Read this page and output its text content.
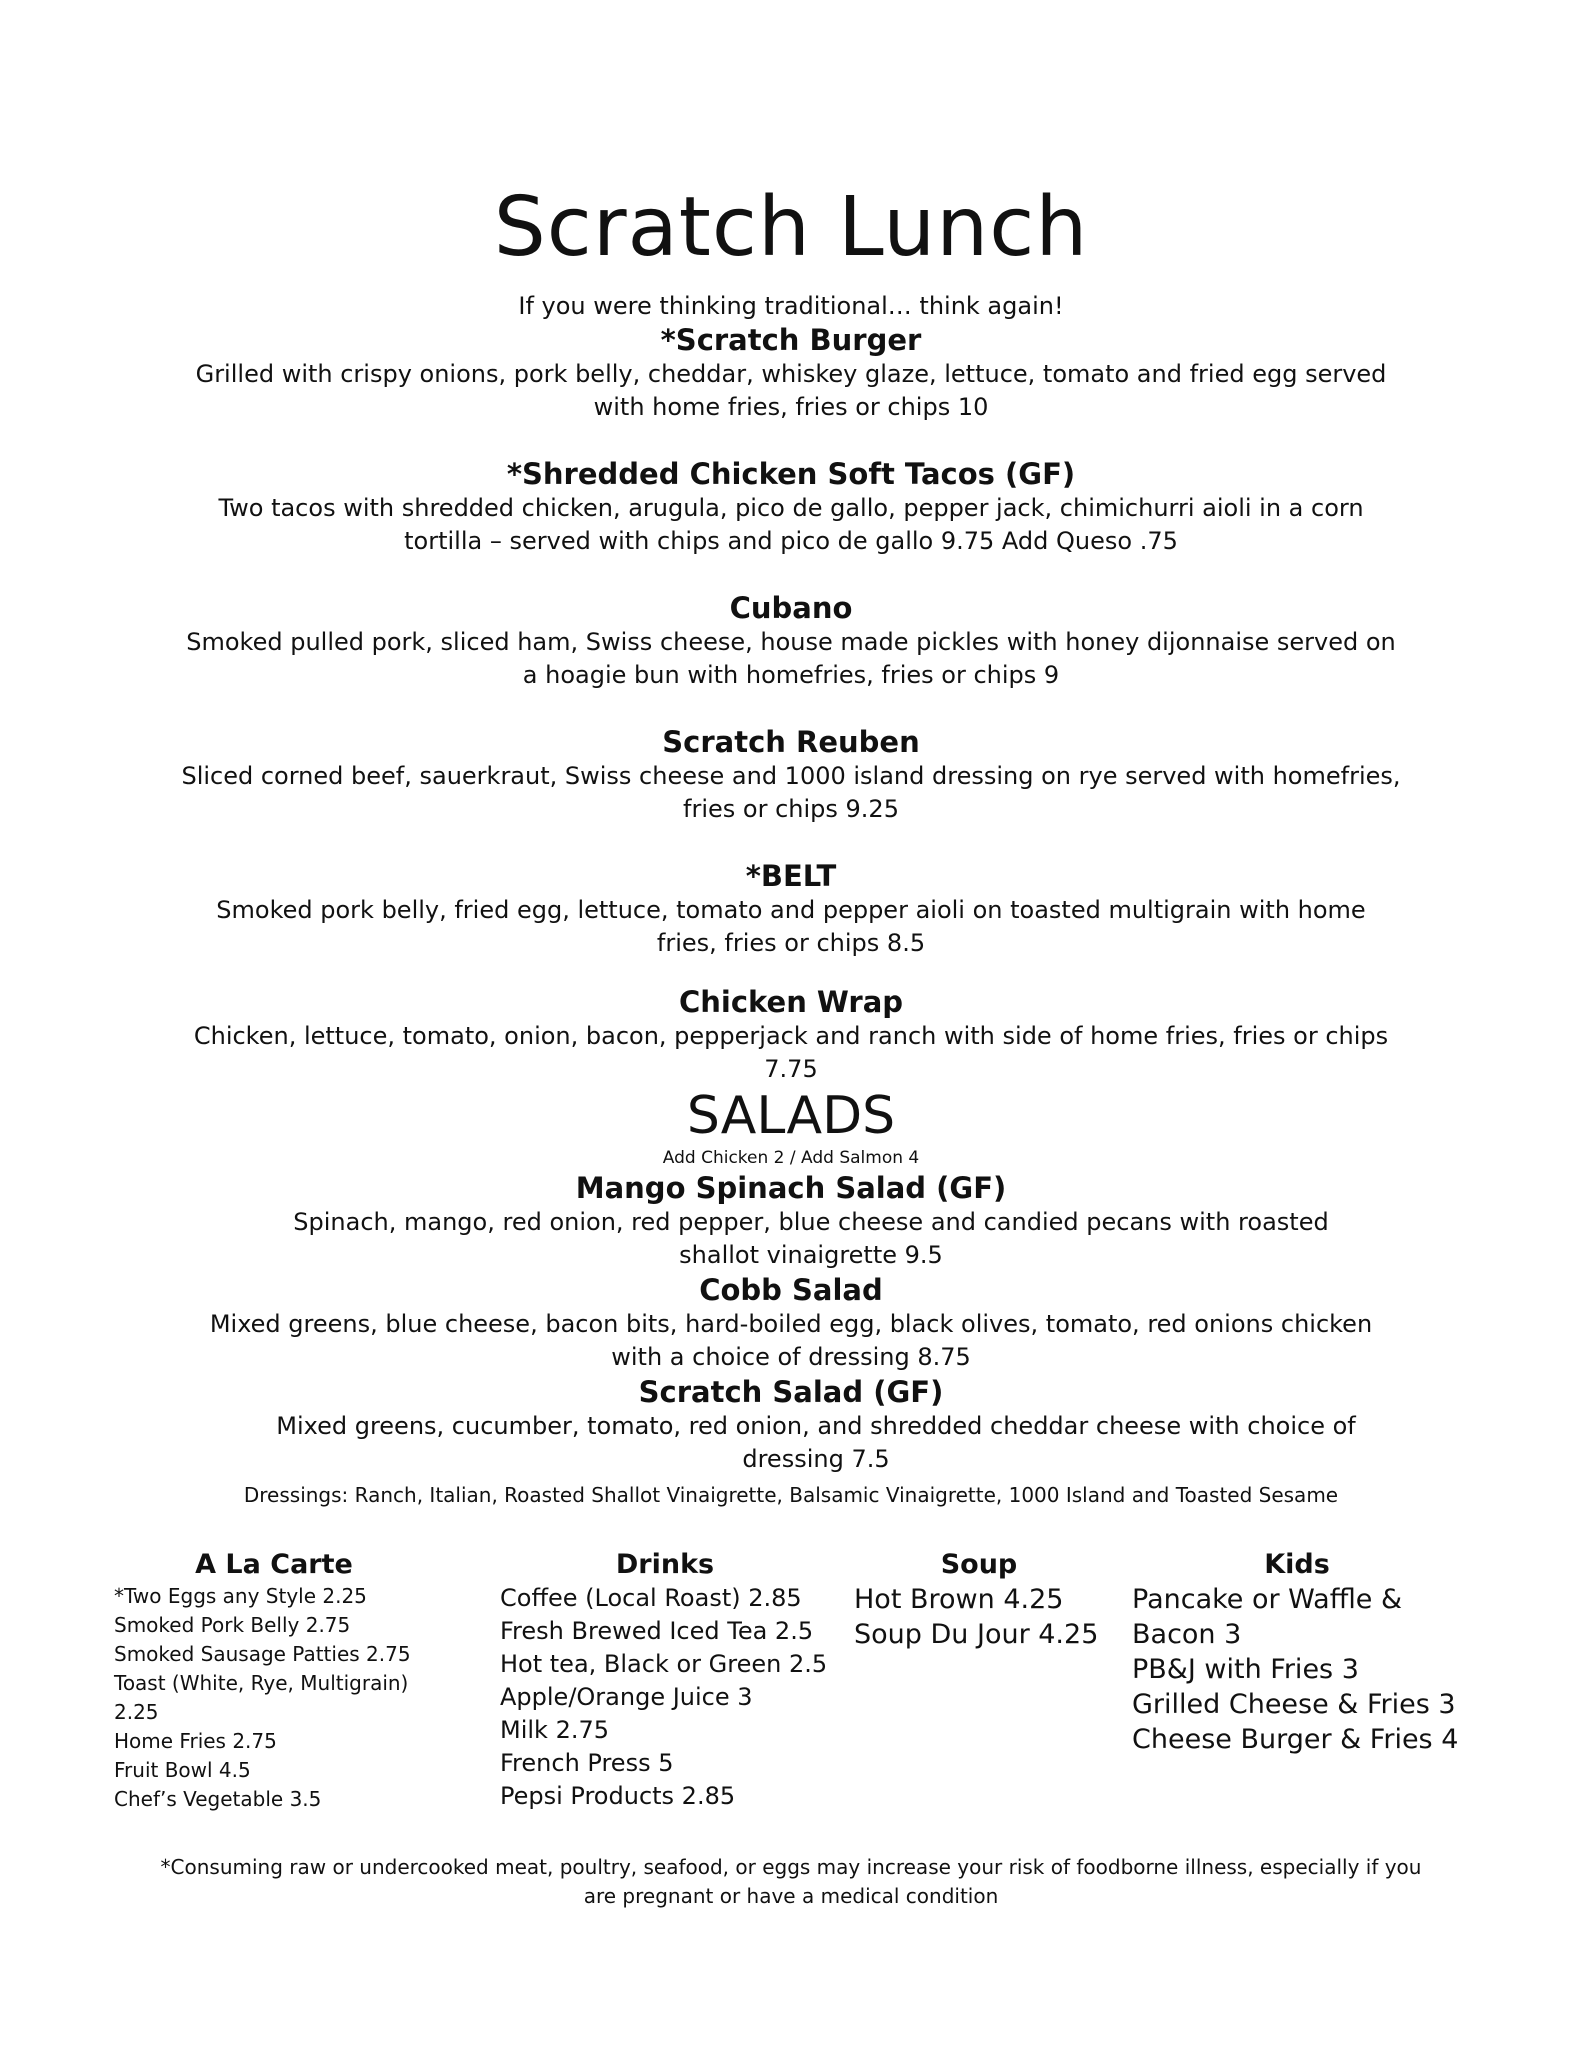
Scratch Lunch
If you were thinking traditional… think again!

*Scratch Burger

Grilled with crispy onions, pork belly, cheddar, whiskey glaze, lettuce, tomato and fried egg served with home fries, fries or chips 10

*Shredded Chicken Soft Tacos (GF)

Two tacos with shredded chicken, arugula, pico de gallo, pepper jack, chimichurri aioli in a corn tortilla – served with chips and pico de gallo 9.75 Add Queso .75

Cubano

Smoked pulled pork, sliced ham, Swiss cheese, house made pickles with honey dijonnaise served on a hoagie bun with homefries, fries or chips 9

Scratch Reuben

Sliced corned beef, sauerkraut, Swiss cheese and 1000 island dressing on rye served with homefries, fries or chips 9.25

*BELT

Smoked pork belly, fried egg, lettuce, tomato and pepper aioli on toasted multigrain with home fries, fries or chips 8.5

Chicken Wrap

Chicken, lettuce, tomato, onion, bacon, pepperjack and ranch with side of home fries, fries or chips 7.75

SALADS

Add Chicken 2 / Add Salmon 4

Mango Spinach Salad (GF)

Spinach, mango, red onion, red pepper, blue cheese and candied pecans with roasted shallot vinaigrette 9.5

Cobb Salad

Mixed greens, blue cheese, bacon bits, hard-boiled egg, black olives, tomato, red onions chicken with a choice of dressing 8.75

Scratch Salad (GF)

Mixed greens, cucumber, tomato, red onion, and shredded cheddar cheese with choice of dressing 7.5

Dressings: Ranch, Italian, Roasted Shallot Vinaigrette, Balsamic Vinaigrette, 1000 Island and Toasted Sesame

A La Carte

*Two Eggs any Style 2.25
Smoked Pork Belly 2.75
Smoked Sausage Patties 2.75
Toast (White, Rye, Multigrain) 2.25
Home Fries 2.75
Fruit Bowl 4.5
Chef’s Vegetable 3.5

Drinks

Coffee (Local Roast) 2.85
Fresh Brewed Iced Tea 2.5
Hot tea, Black or Green 2.5
Apple/Orange Juice 3
Milk 2.75
French Press 5
Pepsi Products 2.85

Soup

Hot Brown 4.25
Soup Du Jour 4.25

Kids

Pancake or Waffle & Bacon 3
PB&J with Fries 3
Grilled Cheese & Fries 3
Cheese Burger & Fries 4
*Consuming raw or undercooked meat, poultry, seafood, or eggs may increase your risk of foodborne illness, especially if you are pregnant or have a medical condition
